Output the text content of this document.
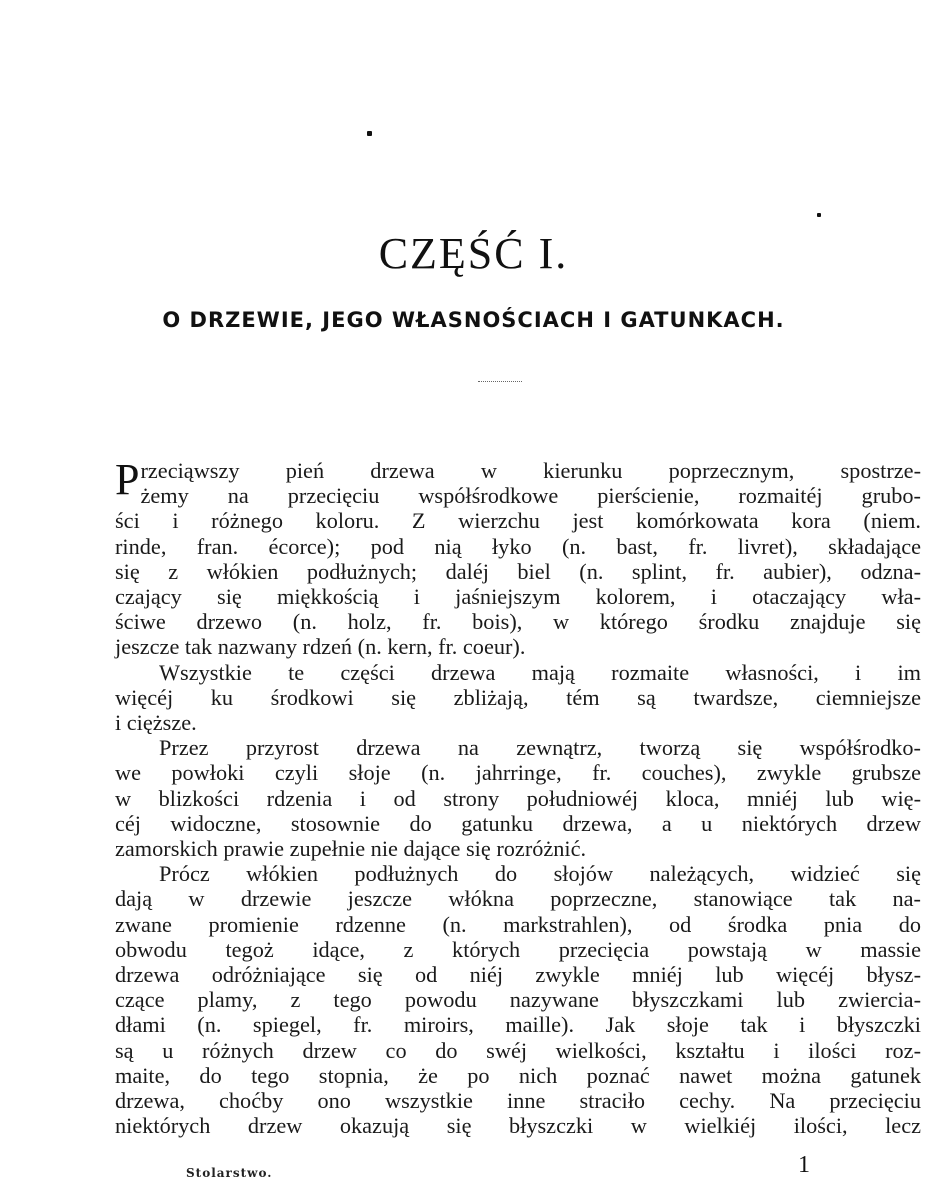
CZĘŚĆ I.
O DRZEWIE, JEGO WŁASNOŚCIACH I GATUNKACH.
P rzeciąwszy pień drzewa w kierunku poprzecznym, spostrze-
żemy na przecięciu współśrodkowe pierścienie, rozmaitéj grubo-
ści i różnego koloru. Z wierzchu jest komórkowata kora (niem.
rinde, fran. écorce); pod nią łyko (n. bast, fr. livret), składające
się z włókien podłużnych; daléj biel (n. splint, fr. aubier), odzna-
czający się miękkością i jaśniejszym kolorem, i otaczający wła-
ściwe drzewo (n. holz, fr. bois), w którego środku znajduje się
jeszcze tak nazwany rdzeń (n. kern, fr. coeur).
Wszystkie te części drzewa mają rozmaite własności, i im
więcéj ku środkowi się zbliżają, tém są twardsze, ciemniejsze
i cięższe.
Przez przyrost drzewa na zewnątrz, tworzą się współśrodko-
we powłoki czyli słoje (n. jahrringe, fr. couches), zwykle grubsze
w blizkości rdzenia i od strony południowéj kloca, mniéj lub wię-
céj widoczne, stosownie do gatunku drzewa, a u niektórych drzew
zamorskich prawie zupełnie nie dające się rozróżnić.
Prócz włókien podłużnych do słojów należących, widzieć się
dają w drzewie jeszcze włókna poprzeczne, stanowiące tak na-
zwane promienie rdzenne (n. markstrahlen), od środka pnia do
obwodu tegoż idące, z których przecięcia powstają w massie
drzewa odróżniające się od niéj zwykle mniéj lub więcéj błysz-
czące plamy, z tego powodu nazywane błyszczkami lub zwiercia-
dłami (n. spiegel, fr. miroirs, maille). Jak słoje tak i błyszczki
są u różnych drzew co do swéj wielkości, kształtu i ilości roz-
maite, do tego stopnia, że po nich poznać nawet można gatunek
drzewa, choćby ono wszystkie inne straciło cechy. Na przecięciu
niektórych drzew okazują się błyszczki w wielkiéj ilości, lecz
Stolarstwo.	1
